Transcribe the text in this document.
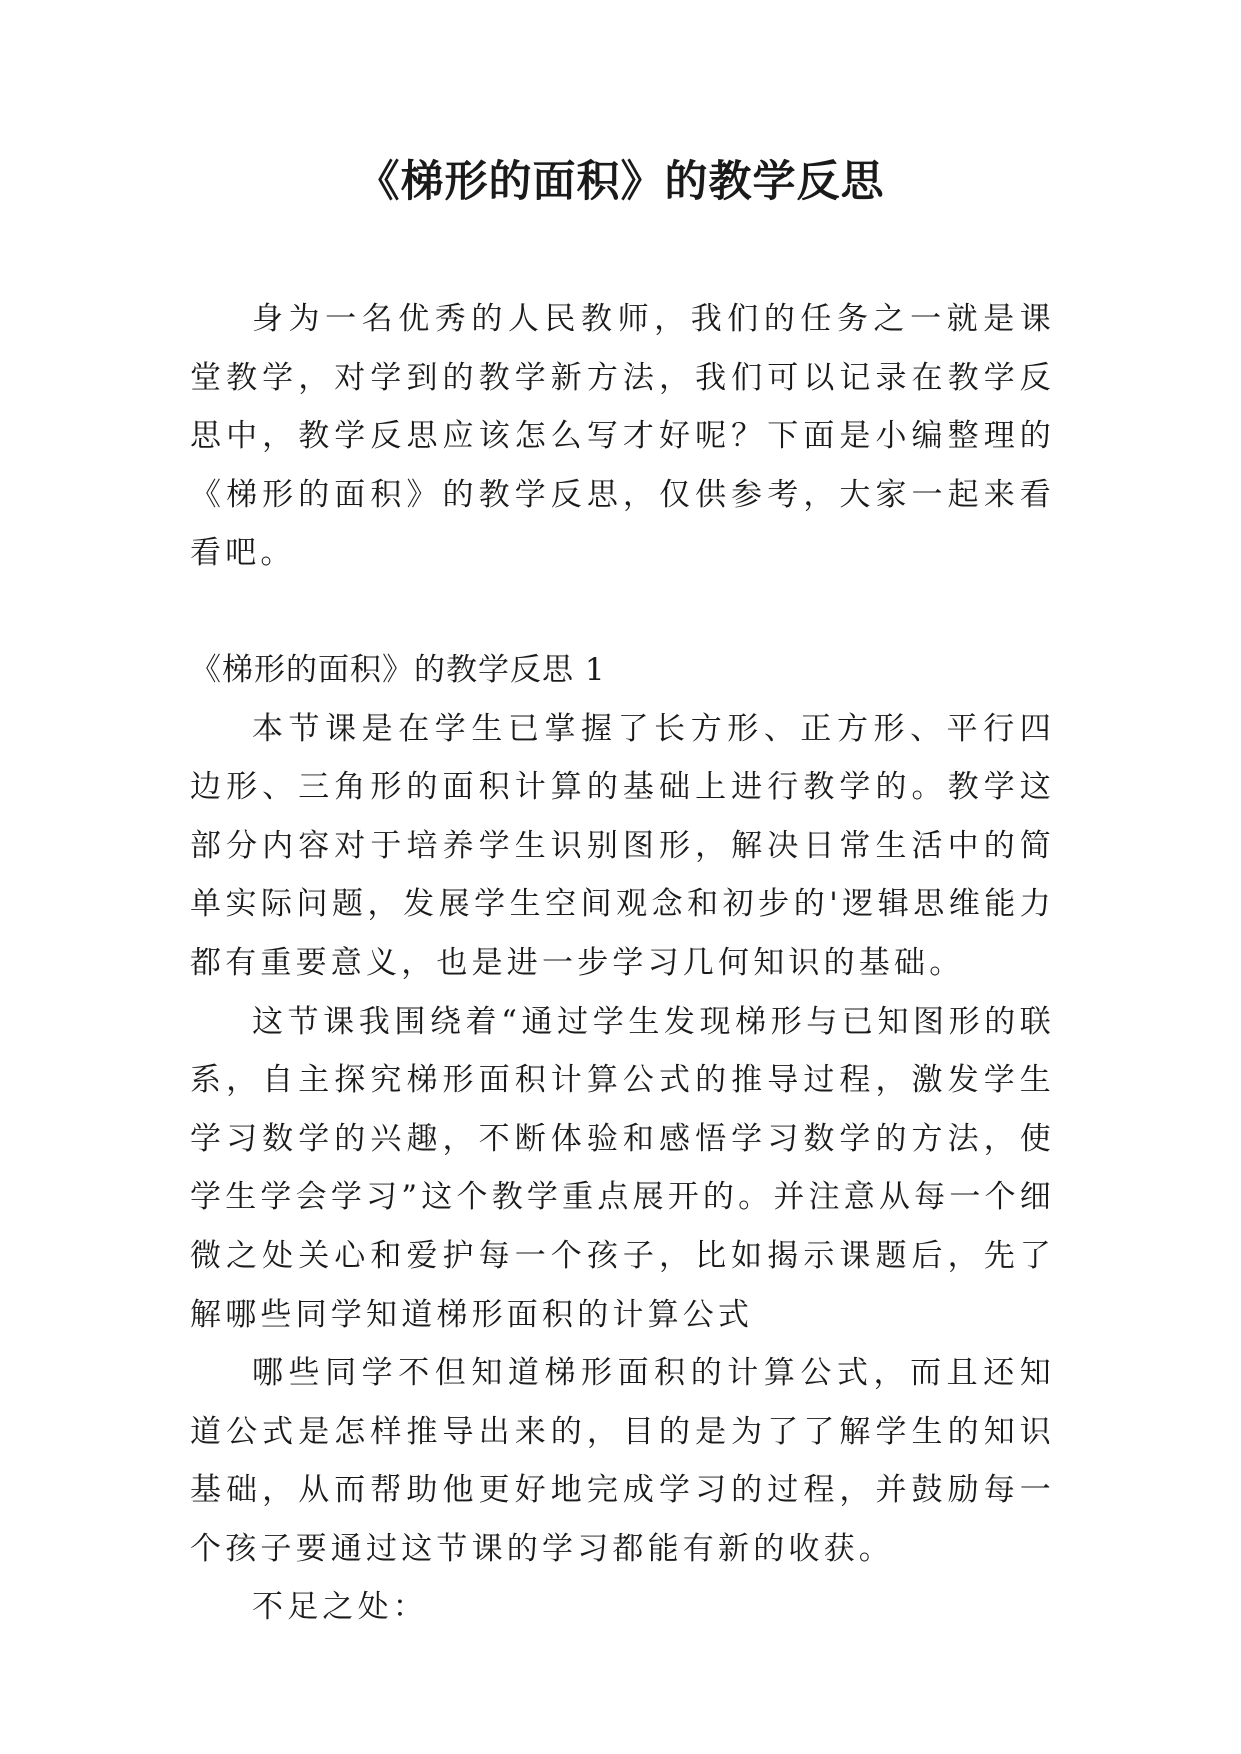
《梯形的面积》的教学反思

身为一名优秀的人民教师，我们的任务之一就是课堂教学，对学到的教学新方法，我们可以记录在教学反思中，教学反思应该怎么写才好呢？下面是小编整理的《梯形的面积》的教学反思，仅供参考，大家一起来看看吧。

《梯形的面积》的教学反思 1

本节课是在学生已掌握了长方形、正方形、平行四边形、三角形的面积计算的基础上进行教学的。教学这部分内容对于培养学生识别图形，解决日常生活中的简单实际问题，发展学生空间观念和初步的'逻辑思维能力都有重要意义，也是进一步学习几何知识的基础。

这节课我围绕着“通过学生发现梯形与已知图形的联系，自主探究梯形面积计算公式的推导过程，激发学生学习数学的兴趣，不断体验和感悟学习数学的方法，使学生学会学习”这个教学重点展开的。并注意从每一个细微之处关心和爱护每一个孩子，比如揭示课题后，先了解哪些同学知道梯形面积的计算公式

哪些同学不但知道梯形面积的计算公式，而且还知道公式是怎样推导出来的，目的是为了了解学生的知识基础，从而帮助他更好地完成学习的过程，并鼓励每一个孩子要通过这节课的学习都能有新的收获。

不足之处：
